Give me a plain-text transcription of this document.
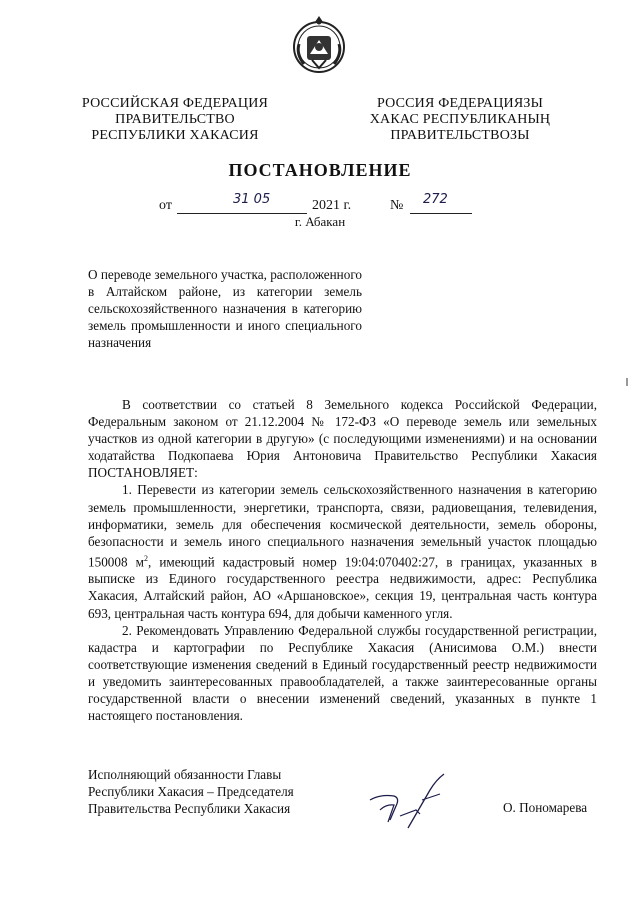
РОССИЙСКАЯ ФЕДЕРАЦИЯ
ПРАВИТЕЛЬСТВО
РЕСПУБЛИКИ ХАКАСИЯ
РОССИЯ ФЕДЕРАЦИЯЗЫ
ХАКАС РЕСПУБЛИКАНЫҢ
ПРАВИТЕЛЬСТВОЗЫ
ПОСТАНОВЛЕНИЕ
от	31 05	2021 г.	№ 272
г. Абакан
О переводе земельного участка, расположенного в Алтайском районе, из категории земель сельскохозяйственного назначения в категорию земель промышленности и иного специального назначения

В соответствии со статьей 8 Земельного кодекса Российской Федерации, Федеральным законом от 21.12.2004 № 172-ФЗ «О переводе земель или земельных участков из одной категории в другую» (с последующими изменениями) и на основании ходатайства Подкопаева Юрия Антоновича Правительство Республики Хакасия ПОСТАНОВЛЯЕТ:

1. Перевести из категории земель сельскохозяйственного назначения в категорию земель промышленности, энергетики, транспорта, связи, радиовещания, телевидения, информатики, земель для обеспечения космической деятельности, земель обороны, безопасности и земель иного специального назначения земельный участок площадью 150008 $м^2$, имеющий кадастровый номер 19:04:070402:27, в границах, указанных в выписке из Единого государственного реестра недвижимости, адрес: Республика Хакасия, Алтайский район, АО «Аршановское», секция 19, центральная часть контура 693, центральная часть контура 694, для добычи каменного угля.

2. Рекомендовать Управлению Федеральной службы государственной регистрации, кадастра и картографии по Республике Хакасия (Анисимова О.М.) внести соответствующие изменения сведений в Единый государственный реестр недвижимости и уведомить заинтересованных правообладателей, а также заинтересованные органы государственной власти о внесении изменений сведений, указанных в пункте 1 настоящего постановления.

Исполняющий обязанности Главы
Республики Хакасия – Председателя
Правительства Республики Хакасия	О. Пономарева
